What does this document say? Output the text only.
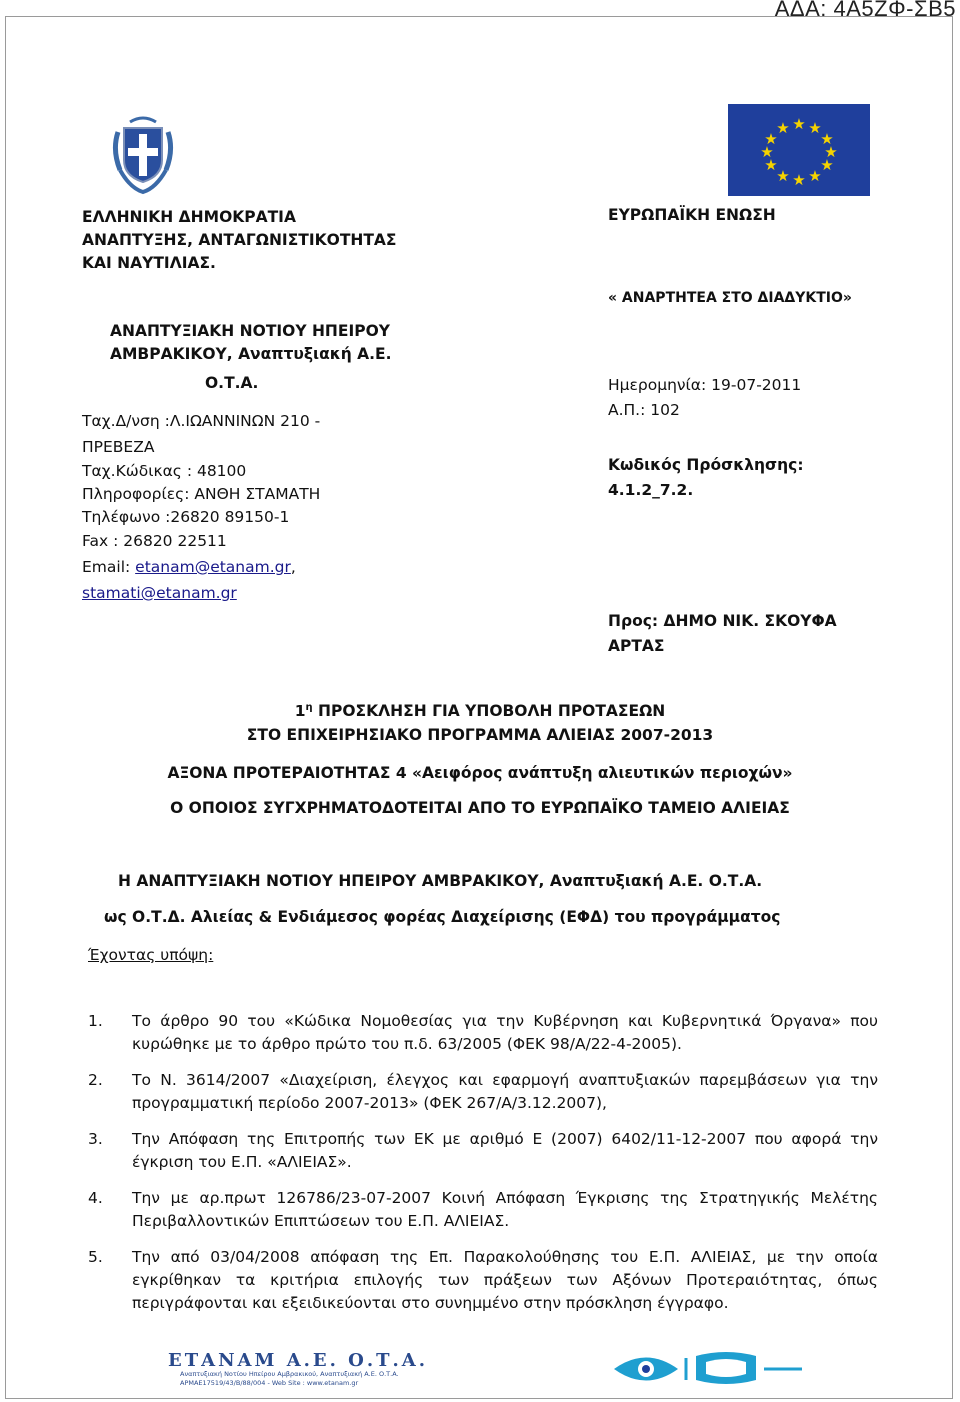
ΑΔΑ: 4Α5ΖΦ-ΣΒ5
★ ★
★
★
★
★
★
★
★
★
★
★
ΕΛΛΗΝΙΚΗ ΔΗΜΟΚΡΑΤΙΑ
ΑΝΑΠΤΥΞΗΣ, ΑΝΤΑΓΩΝΙΣΤΙΚΟΤΗΤΑΣ
ΚΑΙ ΝΑΥΤΙΛΙΑΣ.
ΑΝΑΠΤΥΞΙΑΚΗ ΝΟΤΙΟΥ ΗΠΕΙΡΟΥ
ΑΜΒΡΑΚΙΚΟΥ, Αναπτυξιακή Α.Ε.
Ο.Τ.Α.
Ταχ.Δ/νση :Λ.ΙΩΑΝΝΙΝΩΝ 210 -
ΠΡΕΒΕΖΑ
Ταχ.Κώδικας : 48100
Πληροφορίες: ΑΝΘΗ ΣΤΑΜΑΤΗ
Τηλέφωνο :26820 89150-1
Fax : 26820 22511
Email: etanam@etanam.gr,
stamati@etanam.gr
ΕΥΡΩΠΑΪΚΗ ΕΝΩΣΗ
« ΑΝΑΡΤΗΤΕΑ ΣΤΟ ΔΙΑΔΥΚΤΙΟ»
Ημερομηνία: 19-07-2011
Α.Π.: 102
Κωδικός Πρόσκλησης:
4.1.2_7.2.
Προς: ΔΗΜΟ ΝΙΚ. ΣΚΟΥΦΑ
ΑΡΤΑΣ
$1^\eta$ ΠΡΟΣΚΛΗΣΗ ΓΙΑ ΥΠΟΒΟΛΗ ΠΡΟΤΑΣΕΩΝ
ΣΤΟ ΕΠΙΧΕΙΡΗΣΙΑΚΟ ΠΡΟΓΡΑΜΜΑ ΑΛΙΕΙΑΣ 2007-2013
ΑΞΟΝΑ ΠΡΟΤΕΡΑΙΟΤΗΤΑΣ 4 «Αειφόρος ανάπτυξη αλιευτικών περιοχών»
Ο ΟΠΟΙΟΣ ΣΥΓΧΡΗΜΑΤΟΔΟΤΕΙΤΑΙ ΑΠΟ ΤΟ ΕΥΡΩΠΑΪΚΟ ΤΑΜΕΙΟ ΑΛΙΕΙΑΣ
Η ΑΝΑΠΤΥΞΙΑΚΗ ΝΟΤΙΟΥ ΗΠΕΙΡΟΥ ΑΜΒΡΑΚΙΚΟΥ, Αναπτυξιακή Α.Ε. Ο.Τ.Α.
ως Ο.Τ.Δ. Αλιείας & Ενδιάμεσος φορέας Διαχείρισης (ΕΦΔ) του προγράμματος
Έχοντας υπόψη:
1.	Το άρθρο 90 του «Κώδικα Νομοθεσίας για την Κυβέρνηση και Κυβερνητικά Όργανα» που κυρώθηκε με το άρθρο πρώτο του π.δ. 63/2005 (ΦΕΚ 98/Α/22-4-2005).
2.	Το Ν. 3614/2007 «Διαχείριση, έλεγχος και εφαρμογή αναπτυξιακών παρεμβάσεων για την προγραμματική περίοδο 2007-2013» (ΦΕΚ 267/Α/3.12.2007),
3.	Την Απόφαση της Επιτροπής των ΕΚ με αριθμό Ε (2007) 6402/11-12-2007 που αφορά την έγκριση του Ε.Π. «ΑΛΙΕΙΑΣ».
4.	Την με αρ.πρωτ 126786/23-07-2007 Κοινή Απόφαση Έγκρισης της Στρατηγικής Μελέτης Περιβαλλοντικών Επιπτώσεων του Ε.Π. ΑΛΙΕΙΑΣ.
5.	Την από 03/04/2008 απόφαση της Επ. Παρακολούθησης του Ε.Π. ΑΛΙΕΙΑΣ, με την οποία εγκρίθηκαν τα κριτήρια επιλογής των πράξεων των Αξόνων Προτεραιότητας, όπως περιγράφονται και εξειδικεύονται στο συνημμένο στην πρόσκληση έγγραφο.
ΕΤΑΝΑΜ Α.Ε. Ο.Τ.Α.
Αναπτυξιακή Νοτίου Ηπείρου Αμβρακικού, Αναπτυξιακή Α.Ε. Ο.Τ.Α.
ΑΡΜΑΕ17519/43/Β/88/004 - Web Site : www.etanam.gr
